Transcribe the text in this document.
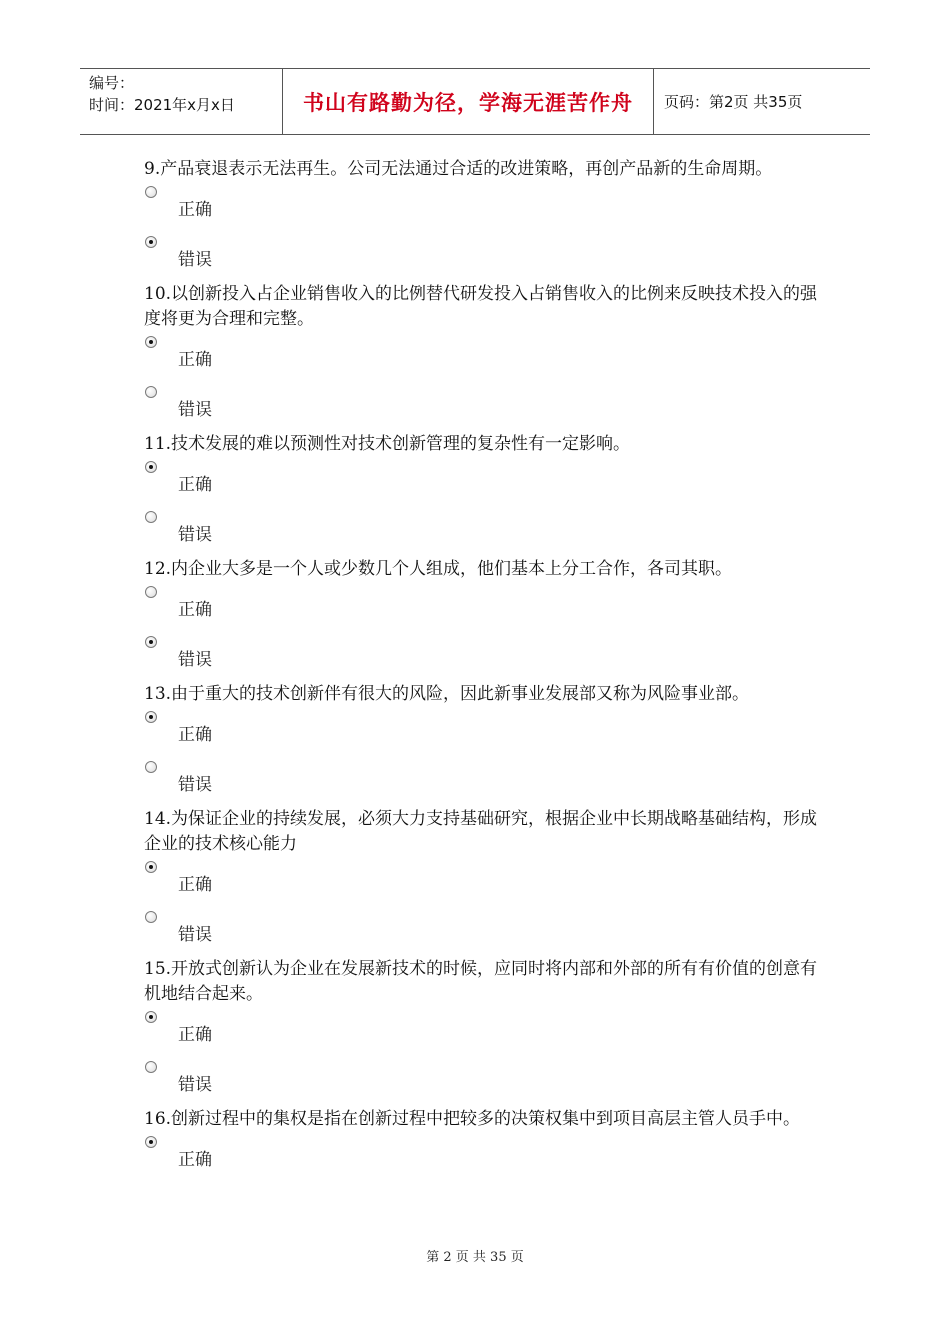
编号：
时间：2021年x月x日	书山有路勤为径，学海无涯苦作舟	页码：第2页 共35页

9.产品衰退表示无法再生。公司无法通过合适的改进策略，再创产品新的生命周期。

正确
错误

10.以创新投入占企业销售收入的比例替代研发投入占销售收入的比例来反映技术投入的强度将更为合理和完整。

正确
错误

11.技术发展的难以预测性对技术创新管理的复杂性有一定影响。

正确
错误

12.内企业大多是一个人或少数几个人组成，他们基本上分工合作，各司其职。

正确
错误

13.由于重大的技术创新伴有很大的风险，因此新事业发展部又称为风险事业部。

正确
错误

14.为保证企业的持续发展，必须大力支持基础研究，根据企业中长期战略基础结构，形成企业的技术核心能力

正确
错误

15.开放式创新认为企业在发展新技术的时候，应同时将内部和外部的所有有价值的创意有机地结合起来。

正确
错误

16.创新过程中的集权是指在创新过程中把较多的决策权集中到项目高层主管人员手中。

正确
第 2 页 共 35 页
